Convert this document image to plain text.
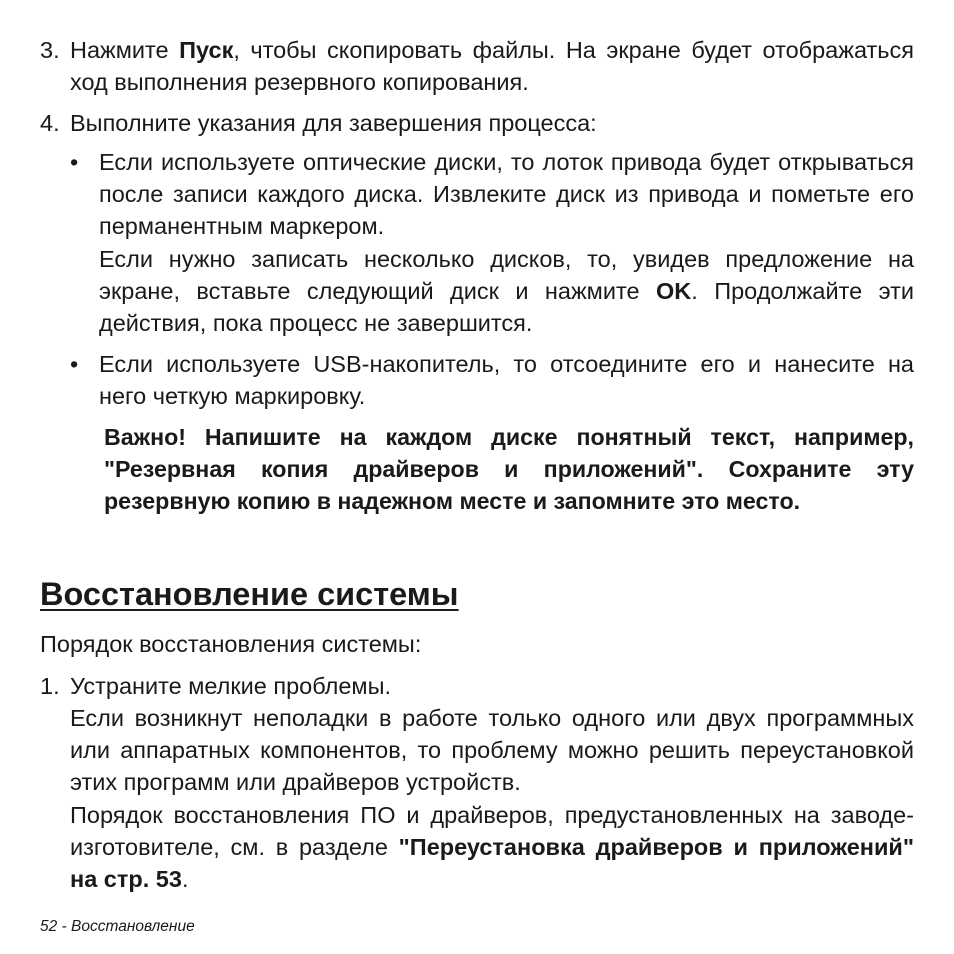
3. Нажмите Пуск, чтобы скопировать файлы. На экране будет отображаться ход выполнения резервного копирования.

4. Выполните указания для завершения процесса:

• Если используете оптические диски, то лоток привода будет открываться после записи каждого диска. Извлеките диск из привода и пометьте его перманентным маркером.

Если нужно записать несколько дисков, то, увидев предложение на экране, вставьте следующий диск и нажмите OK. Продолжайте эти действия, пока процесс не завершится.

• Если используете USB-накопитель, то отсоедините его и нанесите на него четкую маркировку.

Важно! Напишите на каждом диске понятный текст, например, "Резервная копия драйверов и приложений". Сохраните эту резервную копию в надежном месте и запомните это место.

Восстановление системы

Порядок восстановления системы:

1. Устраните мелкие проблемы.

Если возникнут неполадки в работе только одного или двух программных или аппаратных компонентов, то проблему можно решить переустановкой этих программ или драйверов устройств.

Порядок восстановления ПО и драйверов, предустановленных на заводе-изготовителе, см. в разделе "Переустановка драйверов и приложений" на стр. 53.

52 - Восстановление
